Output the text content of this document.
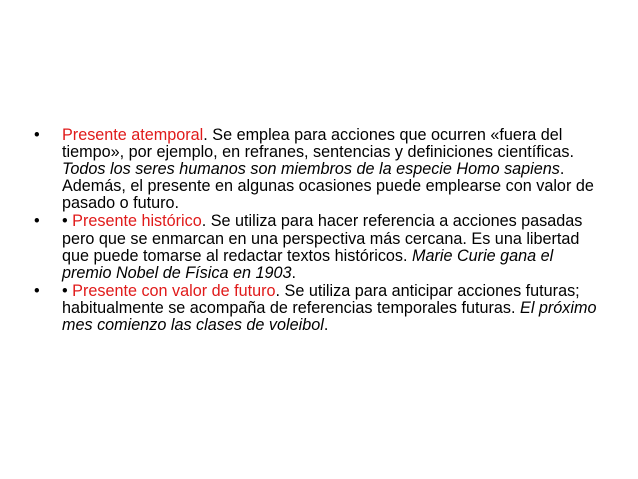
• Presente atemporal. Se emplea para acciones que ocurren «fuera del tiempo», por ejemplo, en refranes, sentencias y definiciones científicas. Todos los seres humanos son miembros de la especie Homo sapiens. Además, el presente en algunas ocasiones puede emplearse con valor de pasado o futuro.
• • Presente histórico. Se utiliza para hacer referencia a acciones pasadas pero que se enmarcan en una perspectiva más cercana. Es una libertad que puede tomarse al redactar textos históricos. Marie Curie gana el premio Nobel de Física en 1903.
• • Presente con valor de futuro. Se utiliza para anticipar acciones futuras; habitualmente se acompaña de referencias temporales futuras. El próximo mes comienzo las clases de voleibol.
